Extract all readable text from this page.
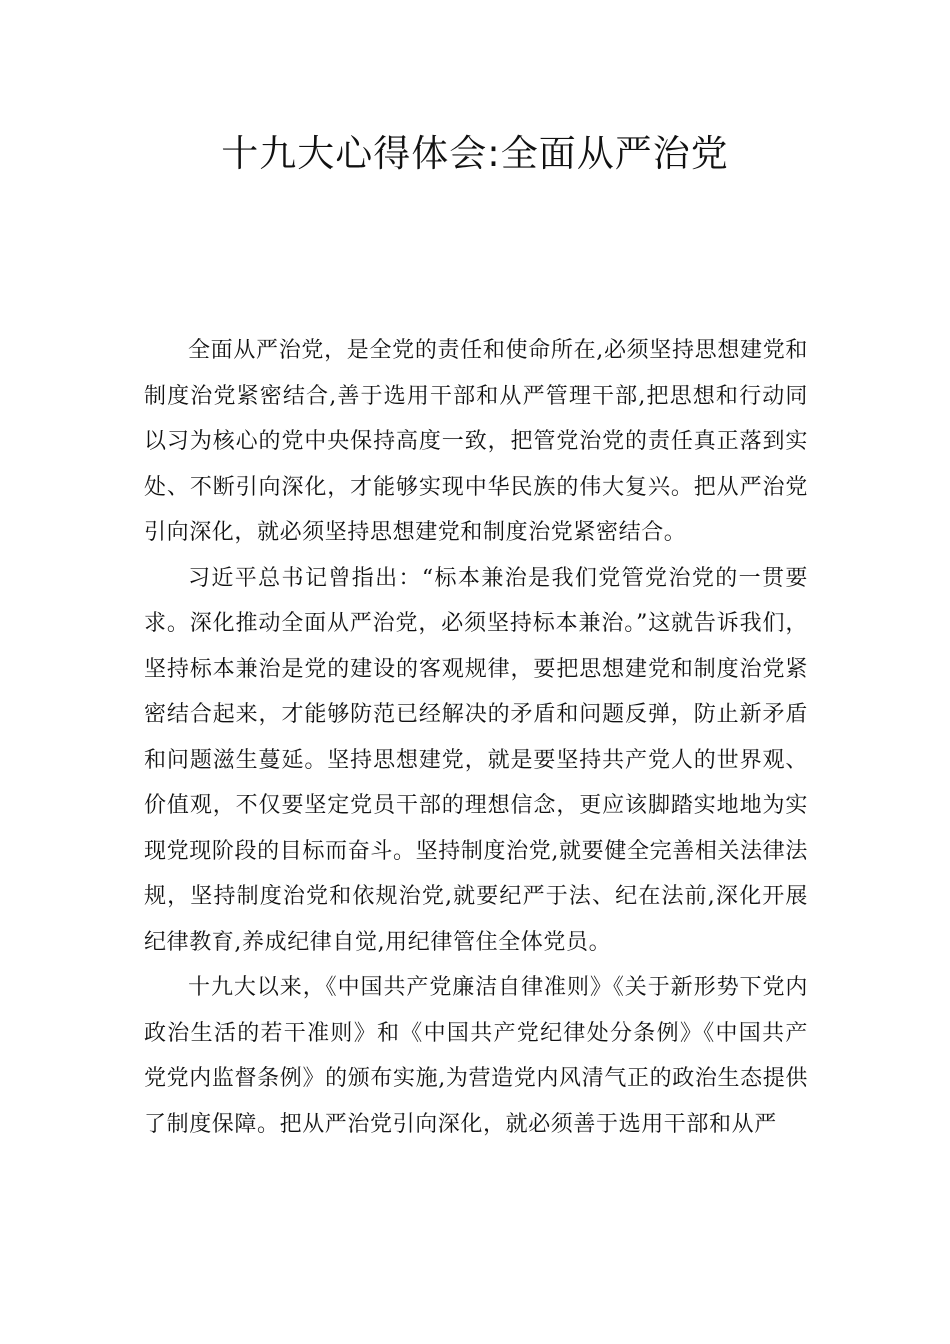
十九大心得体会:全面从严治党

全面从严治党，是全党的责任和使命所在,必须坚持思想建党和制度治党紧密结合,善于选用干部和从严管理干部,把思想和行动同以习为核心的党中央保持高度一致，把管党治党的责任真正落到实处、不断引向深化，才能够实现中华民族的伟大复兴。把从严治党引向深化，就必须坚持思想建党和制度治党紧密结合。

习近平总书记曾指出：“标本兼治是我们党管党治党的一贯要求。深化推动全面从严治党，必须坚持标本兼治。”这就告诉我们，坚持标本兼治是党的建设的客观规律，要把思想建党和制度治党紧密结合起来，才能够防范已经解决的矛盾和问题反弹，防止新矛盾和问题滋生蔓延。坚持思想建党，就是要坚持共产党人的世界观、价值观，不仅要坚定党员干部的理想信念，更应该脚踏实地地为实现党现阶段的目标而奋斗。坚持制度治党,就要健全完善相关法律法规，坚持制度治党和依规治党,就要纪严于法、纪在法前,深化开展纪律教育,养成纪律自觉,用纪律管住全体党员。

十九大以来，《中国共产党廉洁自律准则》《关于新形势下党内政治生活的若干准则》和《中国共产党纪律处分条例》《中国共产党党内监督条例》的颁布实施,为营造党内风清气正的政治生态提供了制度保障。把从严治党引向深化，就必须善于选用干部和从严
